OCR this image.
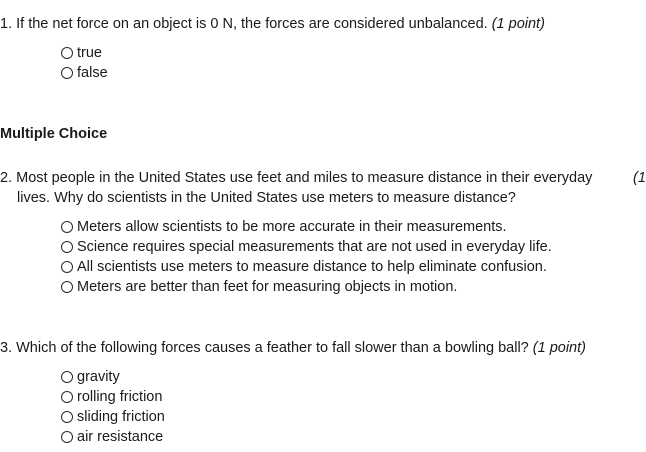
1. If the net force on an object is 0 N, the forces are considered unbalanced. (1 point)
true
false
Multiple Choice
2. Most people in the United States use feet and miles to measure distance in their everyday	(1
lives. Why do scientists in the United States use meters to measure distance?
Meters allow scientists to be more accurate in their measurements.
Science requires special measurements that are not used in everyday life.
All scientists use meters to measure distance to help eliminate confusion.
Meters are better than feet for measuring objects in motion.
3. Which of the following forces causes a feather to fall slower than a bowling ball? (1 point)
gravity
rolling friction
sliding friction
air resistance
